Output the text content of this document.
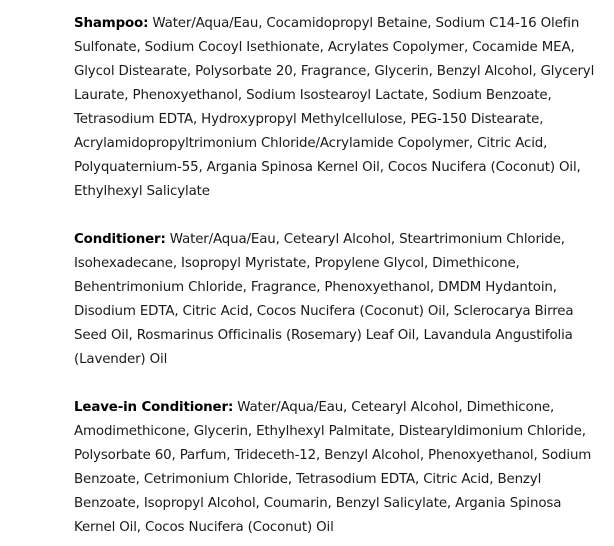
Shampoo: Water/Aqua/Eau, Cocamidopropyl Betaine, Sodium C14-16 Olefin Sulfonate, Sodium Cocoyl Isethionate, Acrylates Copolymer, Cocamide MEA, Glycol Distearate, Polysorbate 20, Fragrance, Glycerin, Benzyl Alcohol, Glyceryl Laurate, Phenoxyethanol, Sodium Isostearoyl Lactate, Sodium Benzoate, Tetrasodium EDTA, Hydroxypropyl Methylcellulose, PEG-150 Distearate, Acrylamidopropyltrimonium Chloride/Acrylamide Copolymer, Citric Acid, Polyquaternium-55, Argania Spinosa Kernel Oil, Cocos Nucifera (Coconut) Oil, Ethylhexyl Salicylate

Conditioner: Water/Aqua/Eau, Cetearyl Alcohol, Steartrimonium Chloride, Isohexadecane, Isopropyl Myristate, Propylene Glycol, Dimethicone, Behentrimonium Chloride, Fragrance, Phenoxyethanol, DMDM Hydantoin, Disodium EDTA, Citric Acid, Cocos Nucifera (Coconut) Oil, Sclerocarya Birrea Seed Oil, Rosmarinus Officinalis (Rosemary) Leaf Oil, Lavandula Angustifolia (Lavender) Oil

Leave-in Conditioner: Water/Aqua/Eau, Cetearyl Alcohol, Dimethicone, Amodimethicone, Glycerin, Ethylhexyl Palmitate, Distearyldimonium Chloride, Polysorbate 60, Parfum, Trideceth-12, Benzyl Alcohol, Phenoxyethanol, Sodium Benzoate, Cetrimonium Chloride, Tetrasodium EDTA, Citric Acid, Benzyl Benzoate, Isopropyl Alcohol, Coumarin, Benzyl Salicylate, Argania Spinosa Kernel Oil, Cocos Nucifera (Coconut) Oil
